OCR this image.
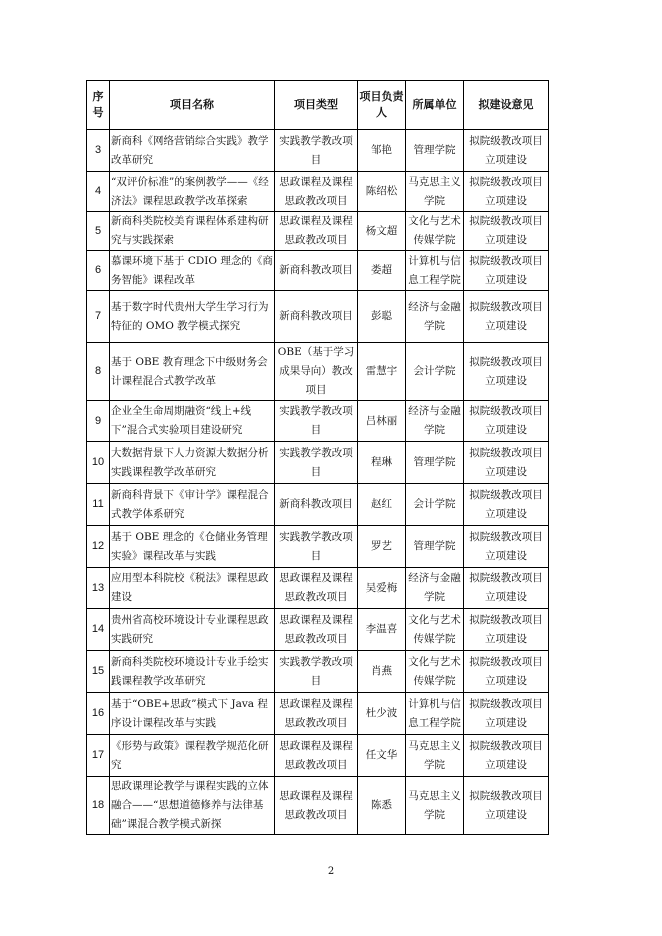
序号	项目名称	项目类型	项目负责人	所属单位	拟建设意见
3	新商科《网络营销综合实践》教学改革研究	实践教学教改项目	邹艳	管理学院	拟院级教改项目立项建设
4	“双评价标准”的案例教学——《经济法》课程思政教学改革探索	思政课程及课程思政教改项目	陈绍松	马克思主义学院	拟院级教改项目立项建设
5	新商科类院校美育课程体系建构研究与实践探索	思政课程及课程思政教改项目	杨文超	文化与艺术传媒学院	拟院级教改项目立项建设
6	慕课环境下基于 CDIO 理念的《商务智能》课程改革	新商科教改项目	娄超	计算机与信息工程学院	拟院级教改项目立项建设
7	基于数字时代贵州大学生学习行为特征的 OMO 教学模式探究	新商科教改项目	彭聪	经济与金融学院	拟院级教改项目立项建设
8	基于 OBE 教育理念下中级财务会计课程混合式教学改革	OBE（基于学习成果导向）教改项目	雷慧宇	会计学院	拟院级教改项目立项建设
9	企业全生命周期融资“线上+线下”混合式实验项目建设研究	实践教学教改项目	吕林丽	经济与金融学院	拟院级教改项目立项建设
10	大数据背景下人力资源大数据分析实践课程教学改革研究	实践教学教改项目	程琳	管理学院	拟院级教改项目立项建设
11	新商科背景下《审计学》课程混合式教学体系研究	新商科教改项目	赵红	会计学院	拟院级教改项目立项建设
12	基于 OBE 理念的《仓储业务管理实验》课程改革与实践	实践教学教改项目	罗艺	管理学院	拟院级教改项目立项建设
13	应用型本科院校《税法》课程思政建设	思政课程及课程思政教改项目	吴爱梅	经济与金融学院	拟院级教改项目立项建设
14	贵州省高校环境设计专业课程思政实践研究	思政课程及课程思政教改项目	李温喜	文化与艺术传媒学院	拟院级教改项目立项建设
15	新商科类院校环境设计专业手绘实践课程教学改革研究	实践教学教改项目	肖燕	文化与艺术传媒学院	拟院级教改项目立项建设
16	基于“OBE+思政”模式下 Java 程序设计课程改革与实践	思政课程及课程思政教改项目	杜少波	计算机与信息工程学院	拟院级教改项目立项建设
17	《形势与政策》课程教学规范化研究	思政课程及课程思政教改项目	任文华	马克思主义学院	拟院级教改项目立项建设
18	思政课理论教学与课程实践的立体融合——“思想道德修养与法律基础”课混合教学模式新探	思政课程及课程思政教改项目	陈悉	马克思主义学院	拟院级教改项目立项建设
2
